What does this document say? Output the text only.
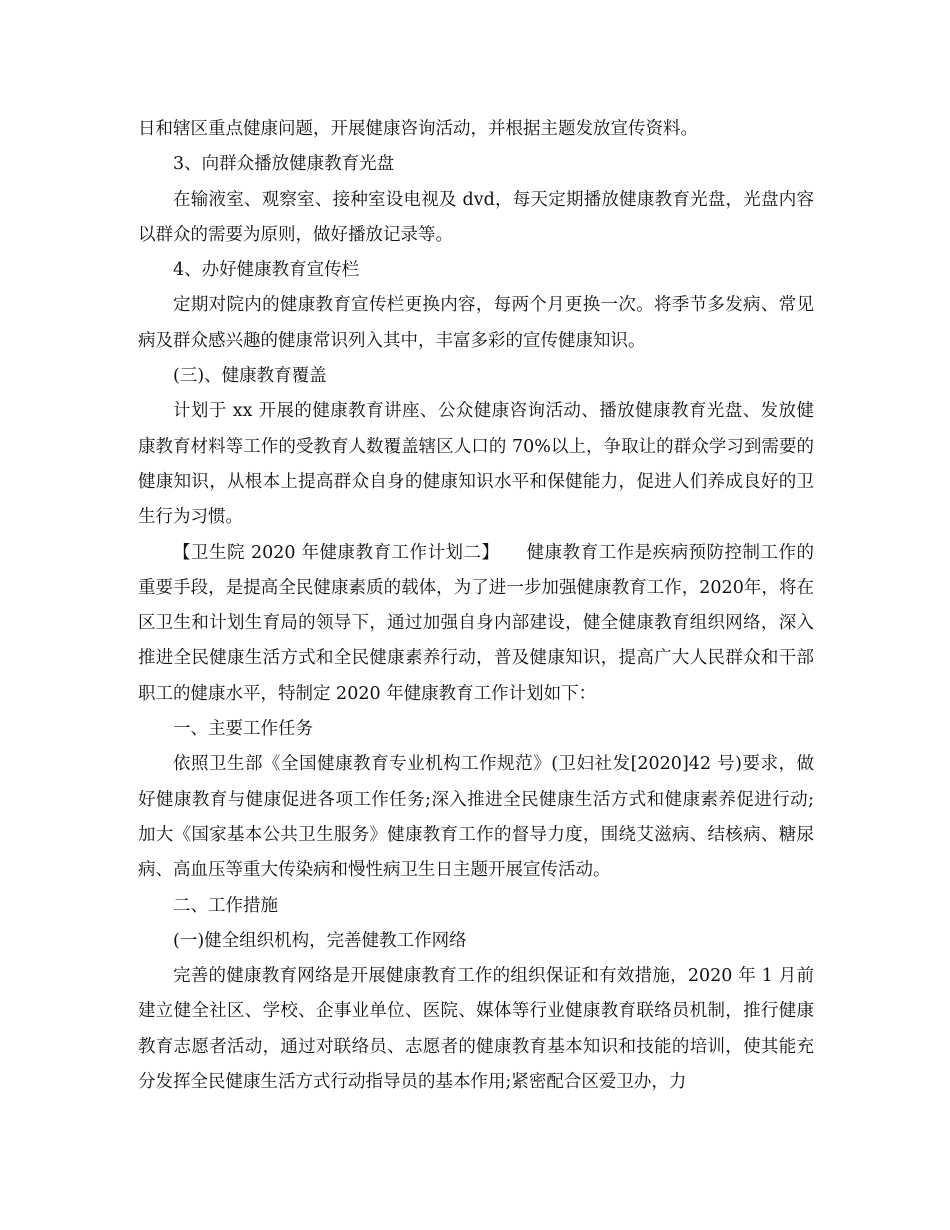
日和辖区重点健康问题，开展健康咨询活动，并根据主题发放宣传资料。

3、向群众播放健康教育光盘

在输液室、观察室、接种室设电视及 dvd，每天定期播放健康教育光盘，光盘内容以群众的需要为原则，做好播放记录等。

4、办好健康教育宣传栏

定期对院内的健康教育宣传栏更换内容，每两个月更换一次。将季节多发病、常见病及群众感兴趣的健康常识列入其中，丰富多彩的宣传健康知识。

(三)、健康教育覆盖

计划于 xx 开展的健康教育讲座、公众健康咨询活动、播放健康教育光盘、发放健康教育材料等工作的受教育人数覆盖辖区人口的 70%以上，争取让的群众学习到需要的健康知识，从根本上提高群众自身的健康知识水平和保健能力，促进人们养成良好的卫生行为习惯。

【卫生院 2020 年健康教育工作计划二】　　健康教育工作是疾病预防控制工作的重要手段，是提高全民健康素质的载体，为了进一步加强健康教育工作，2020年，将在区卫生和计划生育局的领导下，通过加强自身内部建设，健全健康教育组织网络，深入推进全民健康生活方式和全民健康素养行动，普及健康知识，提高广大人民群众和干部职工的健康水平，特制定 2020 年健康教育工作计划如下：

一、主要工作任务

依照卫生部《全国健康教育专业机构工作规范》(卫妇社发[2020]42 号)要求，做好健康教育与健康促进各项工作任务;深入推进全民健康生活方式和健康素养促进行动;加大《国家基本公共卫生服务》健康教育工作的督导力度，围绕艾滋病、结核病、糖尿病、高血压等重大传染病和慢性病卫生日主题开展宣传活动。

二、工作措施

(一)健全组织机构，完善健教工作网络

完善的健康教育网络是开展健康教育工作的组织保证和有效措施，2020 年 1 月前建立健全社区、学校、企事业单位、医院、媒体等行业健康教育联络员机制，推行健康教育志愿者活动，通过对联络员、志愿者的健康教育基本知识和技能的培训，使其能充分发挥全民健康生活方式行动指导员的基本作用;紧密配合区爱卫办，力
